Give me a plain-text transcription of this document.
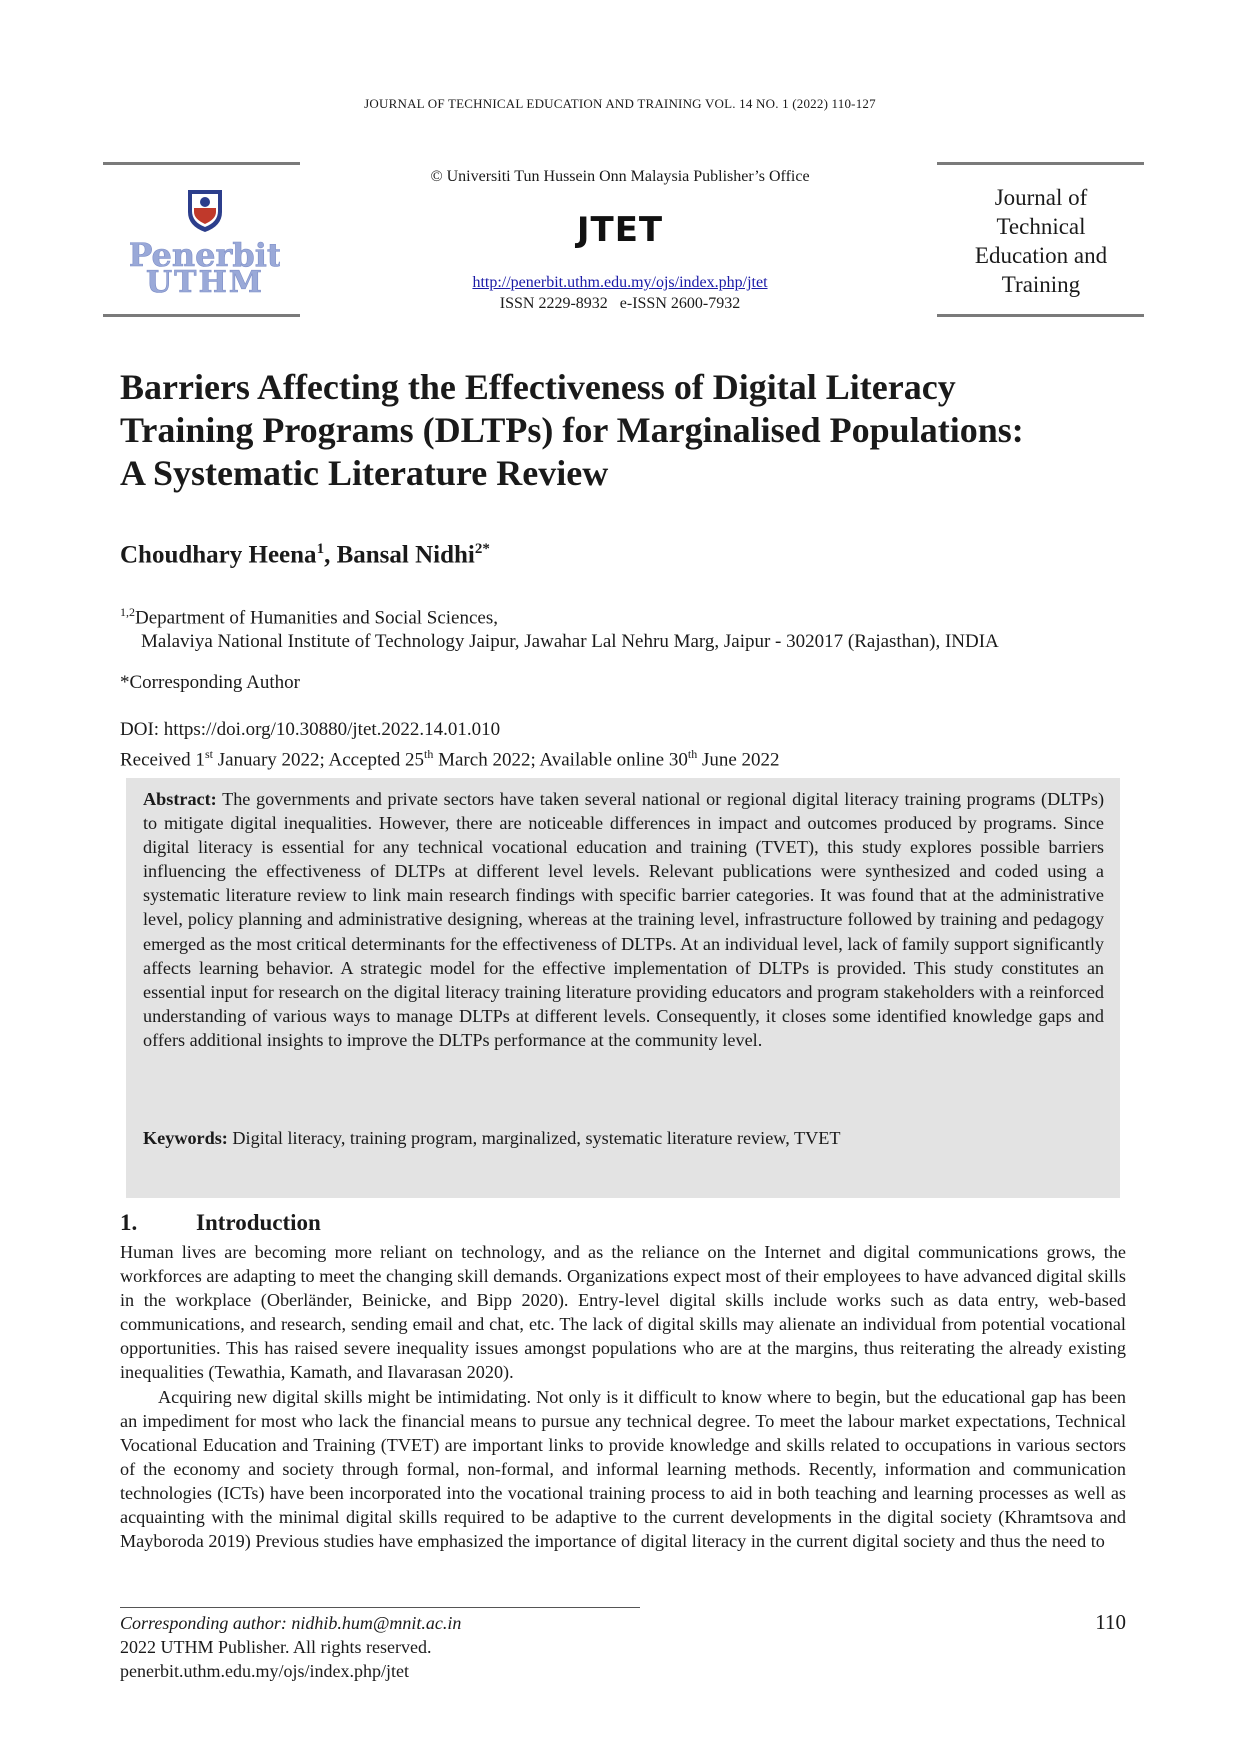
JOURNAL OF TECHNICAL EDUCATION AND TRAINING VOL. 14 NO. 1 (2022) 110-127
Penerbit
UTHM
© Universiti Tun Hussein Onn Malaysia Publisher’s Office
JTET
http://penerbit.uthm.edu.my/ojs/index.php/jtet
ISSN 2229-8932   e-ISSN 2600-7932
Journal of
Technical
Education and
Training
Barriers Affecting the Effectiveness of Digital Literacy
Training Programs (DLTPs) for Marginalised Populations:
A Systematic Literature Review
Choudhary Heena$^1$, Bansal Nidhi$^{2*}$
$^{1,2}$Department of Humanities and Social Sciences,
Malaviya National Institute of Technology Jaipur, Jawahar Lal Nehru Marg, Jaipur - 302017 (Rajasthan), INDIA
*Corresponding Author
DOI: https://doi.org/10.30880/jtet.2022.14.01.010
Received 1st January 2022; Accepted 25th March 2022; Available online 30th June 2022
Abstract: The governments and private sectors have taken several national or regional digital literacy training programs (DLTPs) to mitigate digital inequalities. However, there are noticeable differences in impact and outcomes produced by programs. Since digital literacy is essential for any technical vocational education and training (TVET), this study explores possible barriers influencing the effectiveness of DLTPs at different level levels. Relevant publications were synthesized and coded using a systematic literature review to link main research findings with specific barrier categories. It was found that at the administrative level, policy planning and administrative designing, whereas at the training level, infrastructure followed by training and pedagogy emerged as the most critical determinants for the effectiveness of DLTPs. At an individual level, lack of family support significantly affects learning behavior. A strategic model for the effective implementation of DLTPs is provided. This study constitutes an essential input for research on the digital literacy training literature providing educators and program stakeholders with a reinforced understanding of various ways to manage DLTPs at different levels. Consequently, it closes some identified knowledge gaps and offers additional insights to improve the DLTPs performance at the community level.
Keywords: Digital literacy, training program, marginalized, systematic literature review, TVET
1.	Introduction

Human lives are becoming more reliant on technology, and as the reliance on the Internet and digital communications grows, the workforces are adapting to meet the changing skill demands. Organizations expect most of their employees to have advanced digital skills in the workplace (Oberländer, Beinicke, and Bipp 2020). Entry-level digital skills include works such as data entry, web-based communications, and research, sending email and chat, etc. The lack of digital skills may alienate an individual from potential vocational opportunities. This has raised severe inequality issues amongst populations who are at the margins, thus reiterating the already existing inequalities (Tewathia, Kamath, and Ilavarasan 2020).

Acquiring new digital skills might be intimidating. Not only is it difficult to know where to begin, but the educational gap has been an impediment for most who lack the financial means to pursue any technical degree. To meet the labour market expectations, Technical Vocational Education and Training (TVET) are important links to provide knowledge and skills related to occupations in various sectors of the economy and society through formal, non-formal, and informal learning methods. Recently, information and communication technologies (ICTs) have been incorporated into the vocational training process to aid in both teaching and learning processes as well as acquainting with the minimal digital skills required to be adaptive to the current developments in the digital society (Khramtsova and Mayboroda 2019) Previous studies have emphasized the importance of digital literacy in the current digital society and thus the need to

Corresponding author: nidhib.hum@mnit.ac.in
2022 UTHM Publisher. All rights reserved.
penerbit.uthm.edu.my/ojs/index.php/jtet
110
